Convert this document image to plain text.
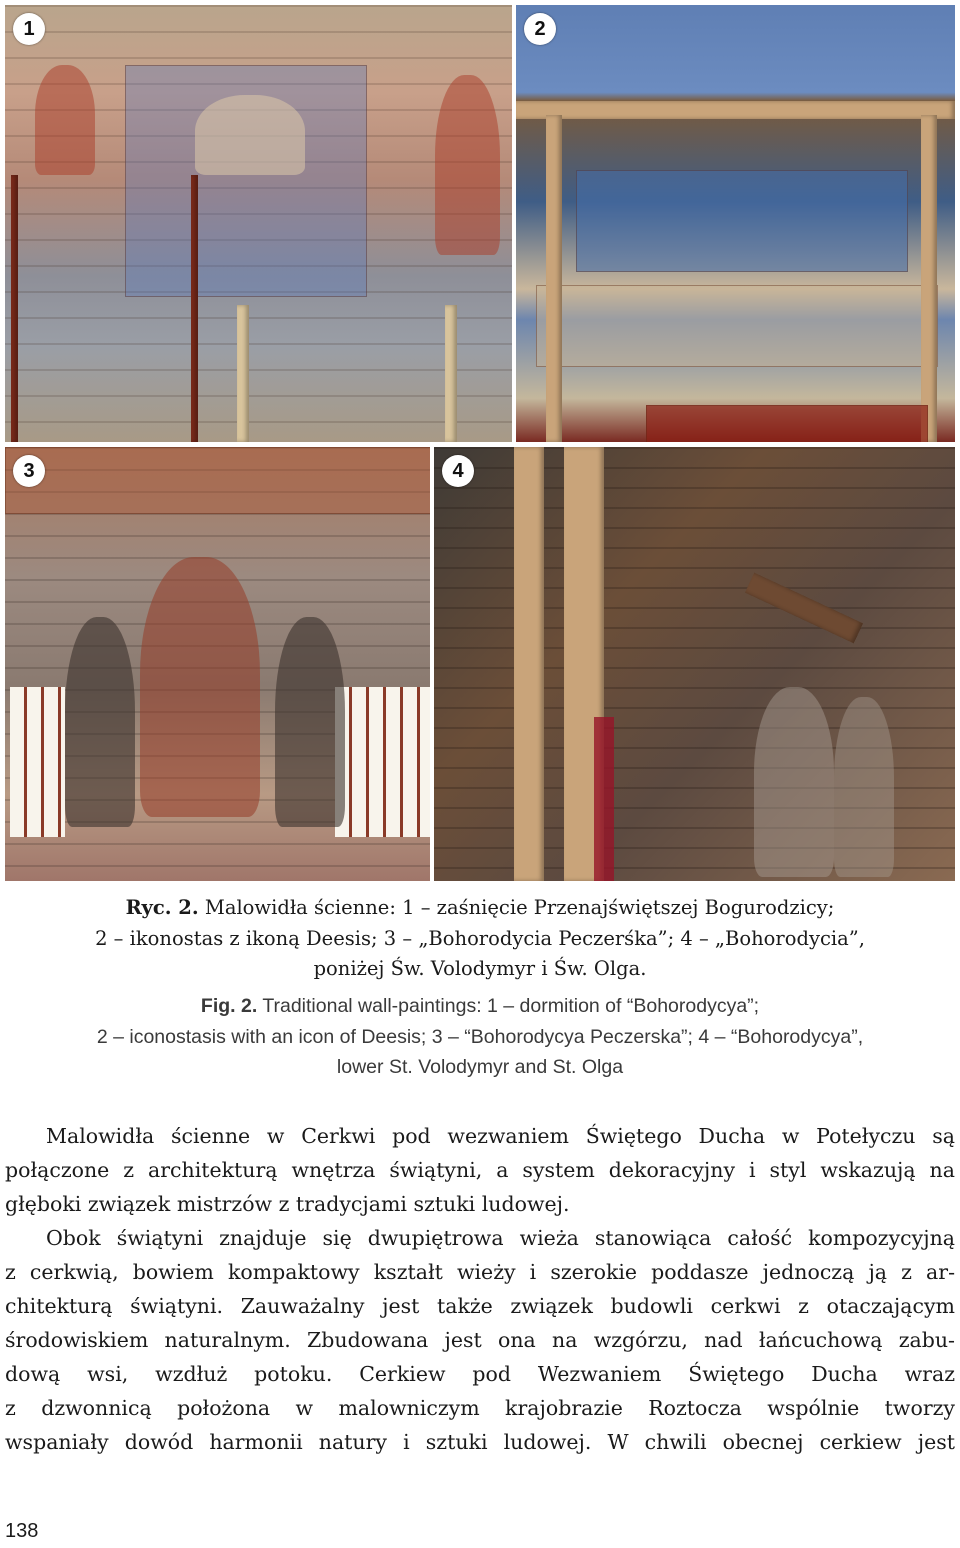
1	2
3	4
Ryc. 2. Malowidła ścienne: 1 – zaśnięcie Przenajświętszej Bogurodzicy;
2 – ikonostas z ikoną Deesis; 3 – „Bohorodycia Peczerśka”; 4 – „Bohorodycia”,
poniżej Św. Volodymyr i Św. Olga.
Fig. 2. Traditional wall-paintings: 1 – dormition of “Bohorodycya”;
2 – iconostasis with an icon of Deesis; 3 – “Bohorodycya Peczerska”; 4 – “Bohorodycya”,
lower St. Volodymyr and St. Olga
Malowidła ścienne w Cerkwi pod wezwaniem Świętego Ducha w Potełyczu są
połączone z architekturą wnętrza świątyni, a system dekoracyjny i styl wskazują na
głęboki związek mistrzów z tradycjami sztuki ludowej.
Obok świątyni znajduje się dwupiętrowa wieża stanowiąca całość kompozycyjną
z cerkwią, bowiem kompaktowy kształt wieży i szerokie poddasze jednoczą ją z ar-
chitekturą świątyni. Zauważalny jest także związek budowli cerkwi z otaczającym
środowiskiem naturalnym. Zbudowana jest ona na wzgórzu, nad łańcuchową zabu-
dową wsi, wzdłuż potoku. Cerkiew pod Wezwaniem Świętego Ducha wraz
z dzwonnicą położona w malowniczym krajobrazie Roztocza wspólnie tworzy
wspaniały dowód harmonii natury i sztuki ludowej. W chwili obecnej cerkiew jest
138
